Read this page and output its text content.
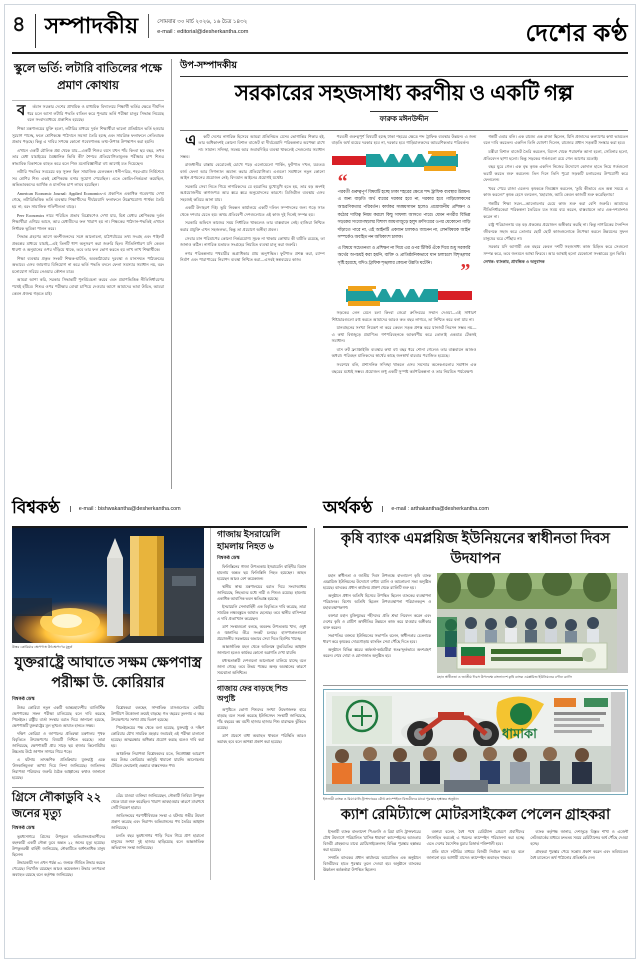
৪ সম্পাদকীয়	সোমবার ৩০ মার্চ ২০২৬, ১৬ চৈত্র ১৪৩২
e-mail : editorial@desherkantha.com	দেশের কণ্ঠ
স্কুলে ভর্তি: লটারি বাতিলের পক্ষে প্রমাণ কোথায়

ব র্তমান সরকার দেশের প্রাথমিক ও মাধ্যমিক বিদ্যালয়ে শিক্ষার্থী ভর্তির ক্ষেত্রে দীর্ঘদিন ধরে চলে আসা লটারি পদ্ধতি বাতিল করে পুনরায় ভর্তি পরীক্ষা চালুর সিদ্ধান্ত নিয়েছে বলে সংবাদমাধ্যমে প্রকাশিত হয়েছে।

শিক্ষা মন্ত্রণালয়ের যুক্তি হলো, লটারির মাধ্যমে দুর্বল শিক্ষার্থীরা ভালো প্রতিষ্ঠানে ভর্তি হওয়ার সুযোগ পাচ্ছে, ফলে শ্রেণিকক্ষে পাঠদানে সমস্যা তৈরি হচ্ছে এবং সামগ্রিক ফলাফলে নেতিবাচক প্রভাব পড়ছে। কিন্তু এ দাবির সপক্ষে কোনো গবেষণালব্ধ তথ্য-উপাত্ত উপস্থাপন করা হয়নি।

এখানে একটি মৌলিক প্রশ্ন থেকে যায়—একটি শিশুর বয়স যখন পাঁচ কিংবা ছয় বছর, তখন তার মেধা যাচাইয়ের বৈজ্ঞানিক ভিত্তি কী? শৈশবে প্রতিযোগিতামূলক পরীক্ষার চাপ শিশুর স্বাভাবিক বিকাশকে ব্যাহত করে বলে শিশু মনোবিজ্ঞানীরা বহু আগেই মত দিয়েছেন।

লটারি পদ্ধতির সবচেয়ে বড় সুফল ছিল সামাজিক মেলবন্ধন। ধনী-দরিদ্র, শহর-গ্রাম নির্বিশেষে সব শ্রেণির শিশু একই শ্রেণিকক্ষে বসার সুযোগ পেয়েছিল। এতে কোচিং-নির্ভরতা কমেছিল, অভিভাবকদের আর্থিক ও মানসিক চাপ লাঘব হয়েছিল।

American Economic Journal: Applied Economics-এ প্রকাশিত একাধিক গবেষণায় দেখা গেছে, লটারিভিত্তিক ভর্তি ব্যবস্থায় শিক্ষার্থীদের দীর্ঘমেয়াদি ফলাফলে উল্লেখযোগ্য পার্থক্য তৈরি হয় না; বরং সামাজিক গতিশীলতা বাড়ে।

Peer Economics নামে পরিচিত প্রভাব বিশ্লেষণেও দেখা যায়, মিশ্র মেধার শ্রেণিকক্ষে দুর্বল শিক্ষার্থীরা এগিয়ে আসে, আর মেধাবীদের ফল খারাপ হয় না। শিক্ষকের পাঠদান-পদ্ধতিই এখানে নির্ধারক ভূমিকা পালন করে।

সিদ্ধান্ত গ্রহণের আগে অংশীজনদের সঙ্গে আলোচনা, মাঠপর্যায়ের তথ্য সংগ্রহ এবং পাইলট প্রকল্পের মাধ্যমে যাচাই—এই তিনটি ধাপ অনুসরণ করা জরুরি ছিল। নীতিনির্ধারণ যদি কেবল ধারণা ও অনুমানের ওপর দাঁড়িয়ে থাকে, তবে তার ফল ভোগ করতে হয় লাখ লাখ শিক্ষার্থীকে।

শিক্ষা ব্যবস্থার প্রকৃত সংকট শিক্ষক-ঘাটতি, অবকাঠামোর দুরবস্থা ও মানসম্মত পাঠ্যক্রমের অভাবে। এসব জায়গায় বিনিয়োগ না করে ভর্তি পদ্ধতি বদলে ফেলা সমস্যার সমাধান নয়, বরং মনোযোগ সরিয়ে নেওয়ার কৌশল মাত্র।

আমরা আশা করি, সরকার সিদ্ধান্তটি পুনর্বিবেচনা করবে এবং প্রমাণভিত্তিক নীতিনির্ধারণের পথেই হাঁটবে। শিশুর ওপর পরীক্ষার বোঝা চাপিয়ে দেওয়ার আগে আমাদের ভাবা উচিত, আমরা কেমন প্রজন্ম গড়তে চাই।

উপ-সম্পাদকীয়
সরকারের সহজসাধ্য করণীয় ও একটি গল্প
ফারুক মঈনউদ্দীন

এ কটি দেশের নাগরিক হিসেবে আমরা প্রতিনিয়ত যেসব ভোগান্তির শিকার হই, তার অধিকাংশই কোনো বিশাল বাজেট বা দীর্ঘমেয়াদি পরিকল্পনার অপেক্ষা রাখে না। সামান্য সদিচ্ছা, সমন্বয় আর জবাবদিহির ব্যবস্থা থাকলেই সেগুলোর সমাধান সম্ভব।

রাজধানীর রাস্তায় বেরোলেই চোখে পড়ে এলোমেলো পার্কিং, ফুটপাত দখল, যত্রতত্র বর্জ্য ফেলা আর সিগন্যাল অমান্য করার প্রতিযোগিতা। এগুলো সমাধানে নতুন কোনো আইন প্রণয়নের প্রয়োজন নেই; বিদ্যমান আইনের প্রয়োগই যথেষ্ট।

সরকারি সেবা নিতে গিয়ে নাগরিকদের যে হয়রানির মুখোমুখি হতে হয়, তার বড় অংশই অপ্রয়োজনীয় কাগজপত্র আর স্তরে স্তরে অনুমোদনের কারণে। ডিজিটাল ব্যবস্থায় এসব সহজেই কমিয়ে আনা যায়।

একটি উদাহরণ দিই। ভূমি নিবন্ধন কার্যালয়ে একটি দলিল সম্পাদনের জন্য গড়ে সাত থেকে দশবার যেতে হয়। অথচ প্রতিবেশী দেশগুলোতে এই কাজ দুই দিনেই সম্পন্ন হয়।

সরকারি অফিসে কাজের সময় নির্ধারিত থাকলেও তার বাস্তবায়ন নেই। হাজিরা নিশ্চিত করার প্রযুক্তি এখন সহজলভ্য, কিন্তু তা প্রয়োগে অনীহা প্রবল।

সেবার মান পরিমাপের কোনো নির্ভরযোগ্য সূচক না থাকায় কোথায় কী ঘাটতি রয়েছে, তা জানাও কঠিন। নাগরিক মতামত সংগ্রহের নিয়মিত ব্যবস্থা চালু করা জরুরি।

নগর পরিকল্পনায় পথচারীর অগ্রাধিকার প্রায় অনুপস্থিত। ফুটপাত প্রশস্ত করা, র‍্যাম্প নির্মাণ এবং পারাপারের নিরাপদ ব্যবস্থা নিশ্চিত করা—এসবই স্বল্পব্যয়ের কাজ।

পরবর্তী গুরুত্বপূর্ণ বিষয়টি হচ্ছে ঢাকা শহরের ক্ষেত্রে শব্দ ট্রাফিক ব্যবস্থার উন্নয়ন। এ জন্য বাড়তি অর্থ ব্যয়ের দরকার হবে না, দরকার হবে গাড়িচালকদের আচরণিকতার পরিবর্তন।

“

পরবর্তী গুরুত্বপূর্ণ বিষয়টি হচ্ছে ঢাকা শহরের ক্ষেত্রে শব্দ ট্রাফিক ব্যবস্থার উন্নয়ন। এ জন্য বাড়তি অর্থ ব্যয়ের দরকার হবে না, দরকার হবে গাড়িচালকদের আচরণিকতার পরিবর্তন। কার্যকর সমন্বয়সাধন হলেও প্রয়োজনীয় প্রশিক্ষণ ও কঠোর দায়িত্ব নিয়ম করলে কিছু সাফল্য আসতে পারে। যেমন নগরীর বিভিন্ন সড়কের সংযোগস্থলের বিশাল জায়গাজুড়ে হলুদ ক্রসিংয়ের ওপর যেকোনো গাড়ি দাঁড়াতে পারে না, এই আইনটি একজন চালকও জানেন না, লেনবিষয়ক আইন সম্পর্কেও অবহিত নন অধিকাংশ চালক।

এ বিষয়ে সচেতনতা ও প্রশিক্ষণ না দিয়ে এর ওপর টিকিট এঁকে দিয়ে শুধু সরকারি অর্থের অপচয়ই করা হয়নি, ব্যক্তি ও প্রাতিষ্ঠানিকভাবে যান চলাচলে বিশৃঙ্খলার সৃষ্টি হয়েছে, যদিও ট্রাফিক শৃঙ্খলার কোনো উন্নতি ঘটেনি।	”

সড়কের লেন মেনে চলা কিংবা জেব্রা ক্রসিংয়ের সম্মান দেওয়া—এই সাধারণ শিষ্টাচারগুলো রপ্ত করতে আমাদের আরও কত বছর লাগবে, তা নিশ্চিত করে বলা যায় না।

যানবাহনের সংখ্যা নিয়ন্ত্রণ না করে কেবল সড়ক প্রশস্ত করে যানজট নিরসন সম্ভব নয়—এ কথা বিশ্বজুড়ে প্রমাণিত। গণপরিবহনকে আকর্ষণীয় করে তোলাই একমাত্র টেকসই সমাধান।

বাস রুট ফ্র্যাঞ্চাইজি ব্যবস্থার কথা বহু বছর ধরে শোনা গেলেও তার বাস্তবায়ন আজও অধরা। পরিবহন মালিকদের স্বার্থের কাছে জনস্বার্থ বারবার পরাজিত হয়েছে।

সবশেষে বলি, প্রশাসনিক সদিচ্ছা থাকলে এসব সমস্যার অনেকগুলোর সমাধান এক বছরের মধ্যেই সম্ভব। প্রয়োজন শুধু একটি সুস্পষ্ট কর্মপরিকল্পনা ও তার নিয়মিত পর্যবেক্ষণ।

গল্পটি এবার বলি। এক রাজ্যে এক রাজা ছিলেন, যিনি প্রজাদের কল্যাণের কথা ভাবতেন বলে দাবি করতেন। একদিন তিনি ঘোষণা দিলেন, রাজ্যের প্রধান সড়কটি সংস্কার করা হবে।

মন্ত্রীরা বিশাল বাজেট তৈরি করলেন, বিদেশ থেকে পরামর্শক আনা হলো, সেমিনার হলো, প্রতিবেদন ছাপা হলো। কিন্তু সড়কের গর্তগুলো রয়ে গেল আগের মতোই।

বছর ঘুরে গেল। এক বৃদ্ধ কৃষক একদিন নিজের উদ্যোগে কোদাল হাতে নিয়ে গর্তগুলো ভরাট করতে শুরু করলেন। তিন দিনে তিনি পুরো সড়কটি চলাচলের উপযোগী করে ফেললেন।

খবর পেয়ে রাজা এলেন। কৃষককে জিজ্ঞেস করলেন, 'তুমি কীভাবে এত অল্প সময়ে এ কাজ করলে?' কৃষক হেসে বললেন, 'মহারাজ, আমি কেবল কাজটি শুরু করেছিলাম।'

গল্পটির শিক্ষা সরল—আলোচনার চেয়ে কাজ শুরু করা বেশি জরুরি। আমাদের নীতিনির্ধারকেরা পরিকল্পনা তৈরিতে যত সময় ব্যয় করেন, বাস্তবায়নে তার এক-দশমাংশও করেন না।

রাষ্ট্র পরিচালনায় বড় বড় প্রকল্পের প্রয়োজন অস্বীকার করছি না। কিন্তু নাগরিকের দৈনন্দিন জীবনকে সহজ করে তোলার ছোট ছোট কাজগুলোকে উপেক্ষা করলে উন্নয়নের সুফল মানুষের ঘরে পৌঁছায় না।

সরকার যদি আগামী এক বছরে কেবল দশটি সহজসাধ্য কাজ চিহ্নিত করে সেগুলো সম্পন্ন করে, তবে জনমনে আস্থা ফিরবে। আর আস্থাই হলো যেকোনো সংস্কারের মূল ভিত্তি।

লেখক: ব্যাংকার, প্রাবন্ধিক ও অনুবাদক

বিশ্বকণ্ঠ	e-mail : bishwakantha@desherkantha.com	অর্থকণ্ঠ	e-mail : arthakantha@desherkantha.com
উত্তর কোরিয়ার ক্ষেপণাস্ত্র উৎক্ষেপণের মুহূর্ত
যুক্তরাষ্ট্রে আঘাতে সক্ষম ক্ষেপণাস্ত্র পরীক্ষা উ. কোরিয়ার
বিশ্বকণ্ঠ ডেস্ক

উত্তর কোরিয়া নতুন একটি আন্তমহাদেশীয় ব্যালিস্টিক ক্ষেপণাস্ত্রের সফল পরীক্ষা চালিয়েছে বলে দাবি করেছে পিয়ংইয়ং। রাষ্ট্রীয় বার্তা সংস্থার বরাত দিয়ে জানানো হয়েছে, ক্ষেপণাস্ত্রটি যুক্তরাষ্ট্রের মূল ভূখণ্ডে আঘাত হানতে সক্ষম।

দক্ষিণ কোরিয়া ও জাপানের প্রতিরক্ষা মন্ত্রণালয় পৃথক বিবৃতিতে উৎক্ষেপণের বিষয়টি নিশ্চিত করেছে। তারা জানিয়েছে, ক্ষেপণাস্ত্রটি প্রায় সাড়ে ছয় হাজার কিলোমিটার উচ্চতায় উঠে জাপান সাগরে গিয়ে পড়ে।

এ ঘটনায় তাৎক্ষণিক প্রতিক্রিয়ায় যুক্তরাষ্ট্র একে 'উসকানিমূলক' আখ্যা দিয়ে নিন্দা জানিয়েছে। জাতিসংঘ নিরাপত্তা পরিষদের জরুরি বৈঠক আহ্বানের কথাও জানানো হয়েছে।

বিশ্লেষকরা বলছেন, সাম্প্রতিক মাসগুলোতে কোরীয় উপদ্বীপে উত্তেজনা ক্রমেই বাড়ছে। গত বছরের তুলনায় এ বছর উৎক্ষেপণের সংখ্যা প্রায় দ্বিগুণ হয়েছে।

পিয়ংইয়ংয়ের পক্ষ থেকে বলা হয়েছে, যুক্তরাষ্ট্র ও দক্ষিণ কোরিয়ার যৌথ সামরিক মহড়ার জবাবেই এই পরীক্ষা চালানো হয়েছে। আত্মরক্ষার অধিকার প্রয়োগ করছে বলেও দাবি করা হয়।

আঞ্চলিক নিরাপত্তা বিশ্লেষকদের মতে, নিষেধাজ্ঞা আরোপ করে উত্তর কোরিয়ার কর্মসূচি থামানো যায়নি। আলোচনার টেবিলে ফেরানোই একমাত্র বাস্তবসম্মত পথ।

গ্রিসে নৌকাডুবি ২২ জনের মৃত্যু
বিশ্বকণ্ঠ ডেস্ক

ভূমধ্যসাগরে গ্রিসের উপকূলে অভিবাসনপ্রত্যাশীদের বহনকারী একটি নৌকা ডুবে অন্তত ২২ জনের মৃত্যু হয়েছে। উপকূলরক্ষী বাহিনী জানিয়েছে, নৌকাটিতে অর্ধশতাধিক মানুষ ছিলেন।

উদ্ধারকারী দল এখন পর্যন্ত ৩১ জনকে জীবিত উদ্ধার করতে পেরেছে। নিখোঁজ রয়েছেন আরও কয়েকজন। উদ্ধার তৎপরতা অব্যাহত রয়েছে বলে কর্তৃপক্ষ জানিয়েছে।

বেঁচে যাওয়া ব্যক্তিরা জানিয়েছেন, নৌকাটি লিবিয়া উপকূল থেকে যাত্রা শুরু করেছিল। খারাপ আবহাওয়ার কারণে মাঝপথে সেটি নিয়ন্ত্রণ হারায়।

জাতিসংঘের শরণার্থীবিষয়ক সংস্থা এ ঘটনায় গভীর উদ্বেগ প্রকাশ করেছে এবং নিরাপদ অভিবাসনের পথ তৈরির আহ্বান জানিয়েছে।

চলতি বছর ভূমধ্যসাগর পাড়ি দিতে গিয়ে প্রাণ হারানো মানুষের সংখ্যা দুই হাজার ছাড়িয়েছে বলে আন্তর্জাতিক অভিবাসন সংস্থা জানিয়েছে।

গাজায় ইসরায়েলি হামলায় নিহত ৬
বিশ্বকণ্ঠ ডেস্ক

ফিলিস্তিনের গাজা উপত্যকায় ইসরায়েলি বাহিনীর বিমান হামলায় অন্তত ছয় ফিলিস্তিনি নিহত হয়েছেন। আহত হয়েছেন আরও বেশ কয়েকজন।

স্থানীয় স্বাস্থ্য মন্ত্রণালয়ের বরাত দিয়ে সংবাদমাধ্যম জানিয়েছে, নিহতদের মধ্যে নারী ও শিশুও রয়েছে। হামলায় একাধিক আবাসিক ভবন ক্ষতিগ্রস্ত হয়েছে।

ইসরায়েলি সেনাবাহিনী এক বিবৃতিতে দাবি করেছে, তারা সামরিক লক্ষ্যবস্তুতে আঘাত হেনেছে। তবে স্থানীয় বাসিন্দারা এ দাবি প্রত্যাখ্যান করেছেন।

ত্রাণ সংস্থাগুলো বলছে, অবরুদ্ধ উপত্যকায় খাদ্য, ওষুধ ও জ্বালানির তীব্র সংকট চলছে। হাসপাতালগুলো প্রয়োজনীয় সরঞ্জামের অভাবে সেবা দিতে হিমশিম খাচ্ছে।

আন্তর্জাতিক মহল থেকে অবিলম্বে যুদ্ধবিরতির আহ্বান জানানো হলেও কার্যকর কোনো অগ্রগতি দেখা যায়নি।

মধ্যস্থতাকারী দেশগুলো আলোচনা চালিয়ে যাচ্ছে বলে জানা গেছে। তবে উভয় পক্ষের অনড় অবস্থানের কারণে সমঝোতা অনিশ্চিত।

গাজায় ফের বাড়ছে শিশু অপুষ্টি

অপুষ্টিতে ভোগা শিশুদের সংখ্যা উদ্বেগজনক হারে বাড়ছে বলে সতর্ক করেছে ইউনিসেফ। সংস্থাটি জানিয়েছে, পাঁচ বছরের কম বয়সী হাজার হাজার শিশু মারাত্মক ঝুঁকিতে রয়েছে।

ত্রাণ প্রবেশে বাধা অব্যাহত থাকলে পরিস্থিতি আরও ভয়াবহ হবে বলে আশঙ্কা প্রকাশ করা হয়েছে।

কৃষি ব্যাংক এমপ্লয়িজ ইউনিয়নের স্বাধীনতা দিবস উদযাপন

মহান স্বাধীনতা ও জাতীয় দিবস উপলক্ষে বাংলাদেশ কৃষি ব্যাংক এমপ্লয়িজ ইউনিয়নের উদ্যোগে বর্ণাঢ্য র‍্যালি ও আলোচনা সভা অনুষ্ঠিত হয়েছে। ব্যাংকের প্রধান কার্যালয় প্রাঙ্গণ থেকে র‍্যালিটি শুরু হয়।

অনুষ্ঠানে প্রধান অতিথি হিসেবে উপস্থিত ছিলেন ব্যাংকের ব্যবস্থাপনা পরিচালক। বিশেষ অতিথি ছিলেন উপব্যবস্থাপনা পরিচালকবৃন্দ ও মহাব্যবস্থাপকগণ।

বক্তারা মহান মুক্তিযুদ্ধের শহীদদের প্রতি শ্রদ্ধা নিবেদন করেন এবং দেশের কৃষি ও গ্রামীণ অর্থনীতির উন্নয়নে কাজ করে যাওয়ার অঙ্গীকার ব্যক্ত করেন।

সভাপতির বক্তব্যে ইউনিয়নের সভাপতি বলেন, স্বাধীনতার চেতনাকে ধারণ করে কৃষকের দোরগোড়ায় ব্যাংকিং সেবা পৌঁছে দিতে হবে।

অনুষ্ঠানে বিভিন্ন স্তরের কর্মকর্তা-কর্মচারীরা স্বতঃস্ফূর্তভাবে অংশগ্রহণ করেন। শেষে দোয়া ও মোনাজাত অনুষ্ঠিত হয়।

মহান স্বাধীনতা ও জাতীয় দিবস উপলক্ষে বাংলাদেশ কৃষি ব্যাংক এমপ্লয়িজ ইউনিয়নের বর্ণাঢ্য র‍্যালি
ধামাকা
ইসলামী ব্যাংক ও রিয়া মানি ট্রান্সফারের যৌথ ক্যাম্পেইনে বিজয়ীদের মাঝে পুরস্কার হস্তান্তর অনুষ্ঠান
ক্যাশ রেমিট্যান্সে মোটরসাইকেল পেলেন গ্রাহকরা

ইসলামী ব্যাংক বাংলাদেশ পিএলসি ও রিয়া মানি ট্রান্সফারের যৌথ উদ্যোগে পরিচালিত 'মাসিক ধামাকা' ক্যাম্পেইনের আওতায় বিজয়ী গ্রাহকদের মাঝে মোটরসাইকেলসহ বিভিন্ন পুরস্কার হস্তান্তর করা হয়েছে।

সম্প্রতি ব্যাংকের প্রধান কার্যালয়ে আয়োজিত এক অনুষ্ঠানে বিজয়ীদের হাতে পুরস্কার তুলে দেওয়া হয়। অনুষ্ঠানে ব্যাংকের ঊর্ধ্বতন কর্মকর্তারা উপস্থিত ছিলেন।

বক্তারা বলেন, বৈধ পথে রেমিট্যান্স প্রেরণে প্রবাসীদের উৎসাহিত করতেই এ ধরনের ক্যাম্পেইন পরিচালনা করা হচ্ছে। এতে দেশের বৈদেশিক মুদ্রার রিজার্ভ শক্তিশালী হবে।

প্রতি মাসে লটারির মাধ্যমে বিজয়ী নির্বাচন করা হয় বলে জানানো হয়। আগামী মাসেও ক্যাম্পেইন অব্যাহত থাকবে।

ব্যাংক কর্তৃপক্ষ জানায়, দেশজুড়ে বিস্তৃত শাখা ও এজেন্ট নেটওয়ার্কের মাধ্যমে দ্রুততম সময়ে রেমিট্যান্সের অর্থ পৌঁছে দেওয়া হচ্ছে।

গ্রাহকরা পুরস্কার পেয়ে সন্তোষ প্রকাশ করেন এবং ভবিষ্যতেও বৈধ চ্যানেলে অর্থ পাঠানোর প্রতিশ্রুতি দেন।
